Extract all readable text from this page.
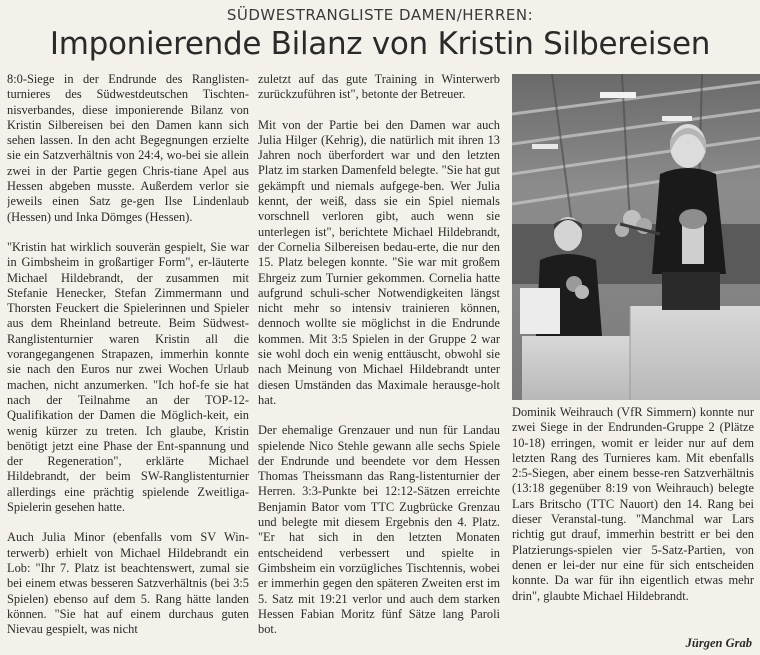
SÜDWESTRANGLISTE DAMEN/HERREN:
Imponierende Bilanz von Kristin Silbereisen

8:0-Siege in der Endrunde des Ranglisten-turnieres des Südwestdeutschen Tischten-nisverbandes, diese imponierende Bilanz von Kristin Silbereisen bei den Damen kann sich sehen lassen. In den acht Begegnungen erzielte sie ein Satzverhältnis von 24:4, wo-bei sie allein zwei in der Partie gegen Chris-tiane Apel aus Hessen abgeben musste. Außerdem verlor sie jeweils einen Satz ge-gen Ilse Lindenlaub (Hessen) und Inka Dömges (Hessen).

"Kristin hat wirklich souverän gespielt, Sie war in Gimbsheim in großartiger Form", er-läuterte Michael Hildebrandt, der zusammen mit Stefanie Henecker, Stefan Zimmermann und Thorsten Feuckert die Spielerinnen und Spieler aus dem Rheinland betreute. Beim Südwest-Ranglistenturnier waren Kristin all die vorangegangenen Strapazen, immerhin konnte sie nach den Euros nur zwei Wochen Urlaub machen, nicht anzumerken. "Ich hof-fe sie hat nach der Teilnahme an der TOP-12-Qualifikation der Damen die Möglich-keit, ein wenig kürzer zu treten. Ich glaube, Kristin benötigt jetzt eine Phase der Ent-spannung und der Regeneration", erklärte Michael Hildebrandt, der beim SW-Ranglistenturnier allerdings eine prächtig spielende Zweitliga-Spielerin gesehen hatte.

Auch Julia Minor (ebenfalls vom SV Win-terwerb) erhielt von Michael Hildebrandt ein Lob: "Ihr 7. Platz ist beachtenswert, zumal sie bei einem etwas besseren Satzverhältnis (bei 3:5 Spielen) ebenso auf dem 5. Rang hätte landen können. "Sie hat auf einem durchaus guten Nievau gespielt, was nicht

zuletzt auf das gute Training in Winterwerb zurückzuführen ist", betonte der Betreuer.

Mit von der Partie bei den Damen war auch Julia Hilger (Kehrig), die natürlich mit ihren 13 Jahren noch überfordert war und den letzten Platz im starken Damenfeld belegte. "Sie hat gut gekämpft und niemals aufgege-ben. Wer Julia kennt, der weiß, dass sie ein Spiel niemals vorschnell verloren gibt, auch wenn sie unterlegen ist", berichtete Michael Hildebrandt, der Cornelia Silbereisen bedau-erte, die nur den 15. Platz belegen konnte. "Sie war mit großem Ehrgeiz zum Turnier gekommen. Cornelia hatte aufgrund schuli-scher Notwendigkeiten längst nicht mehr so intensiv trainieren können, dennoch wollte sie möglichst in die Endrunde kommen. Mit 3:5 Spielen in der Gruppe 2 war sie wohl doch ein wenig enttäuscht, obwohl sie nach Meinung von Michael Hildebrandt unter diesen Umständen das Maximale herausge-holt hat.

Der ehemalige Grenzauer und nun für Landau spielende Nico Stehle gewann alle sechs Spiele der Endrunde und beendete vor dem Hessen Thomas Theissmann das Rang-listenturnier der Herren. 3:3-Punkte bei 12:12-Sätzen erreichte Benjamin Bator vom TTC Zugbrücke Grenzau und belegte mit diesem Ergebnis den 4. Platz. "Er hat sich in den letzten Monaten entscheidend verbessert und spielte in Gimbsheim ein vorzügliches Tischtennis, wobei er immerhin gegen den späteren Zweiten erst im 5. Satz mit 19:21 verlor und auch dem starken Hessen Fabian Moritz fünf Sätze lang Paroli bot.

Dominik Weihrauch (VfR Simmern) konnte nur zwei Siege in der Endrunden-Gruppe 2 (Plätze 10-18) erringen, womit er leider nur auf dem letzten Rang des Turnieres kam. Mit ebenfalls 2:5-Siegen, aber einem besse-ren Satzverhältnis (13:18 gegenüber 8:19 von Weihrauch) belegte Lars Britscho (TTC Nauort) den 14. Rang bei dieser Veranstal-tung. "Manchmal war Lars richtig gut drauf, immerhin bestritt er bei den Platzierungs-spielen vier 5-Satz-Partien, von denen er lei-der nur eine für sich entscheiden konnte. Da war für ihn eigentlich etwas mehr drin", glaubte Michael Hildebrandt.

Jürgen Grab
